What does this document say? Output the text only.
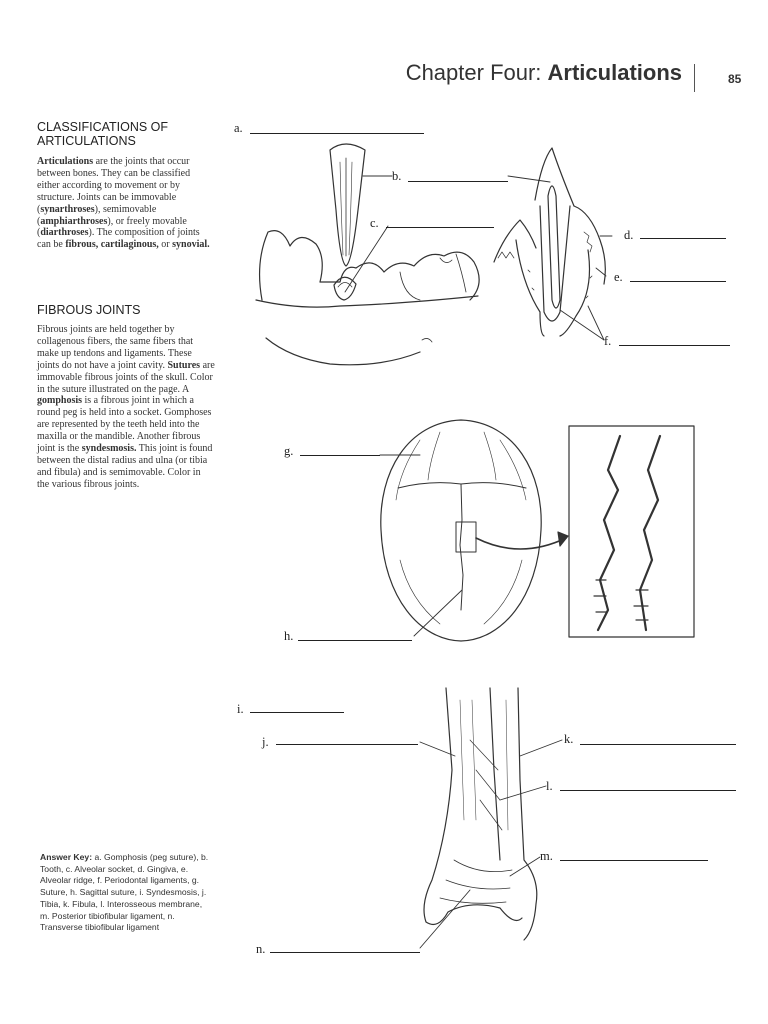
Chapter Four: Articulations	85
CLASSIFICATIONS OF
ARTICULATIONS
Articulations are the joints that occur between bones. They can be classified either according to movement or by structure. Joints can be immovable (synarthroses), semimovable (amphiarthroses), or freely movable (diarthroses). The composition of joints can be fibrous, cartilaginous, or synovial.
FIBROUS JOINTS
Fibrous joints are held together by collagenous fibers, the same fibers that make up tendons and ligaments. These joints do not have a joint cavity. Sutures are immovable fibrous joints of the skull. Color in the suture illustrated on the page. A gomphosis is a fibrous joint in which a round peg is held into a socket. Gomphoses are represented by the teeth held into the maxilla or the mandible. Another fibrous joint is the syndesmosis. This joint is found between the distal radius and ulna (or tibia and fibula) and is semimovable. Color in the various fibrous joints.
Answer Key: a. Gomphosis (peg suture), b. Tooth, c. Alveolar socket, d. Gingiva, e. Alveolar ridge, f. Periodontal ligaments, g. Suture, h. Sagittal suture, i. Syndesmosis, j. Tibia, k. Fibula, l. Interosseous membrane, m. Posterior tibiofibular ligament, n. Transverse tibiofibular ligament
a.
b.
c.
d.
e.
f.
g.
h.
i.
j.	k.
l.
m.
n.
